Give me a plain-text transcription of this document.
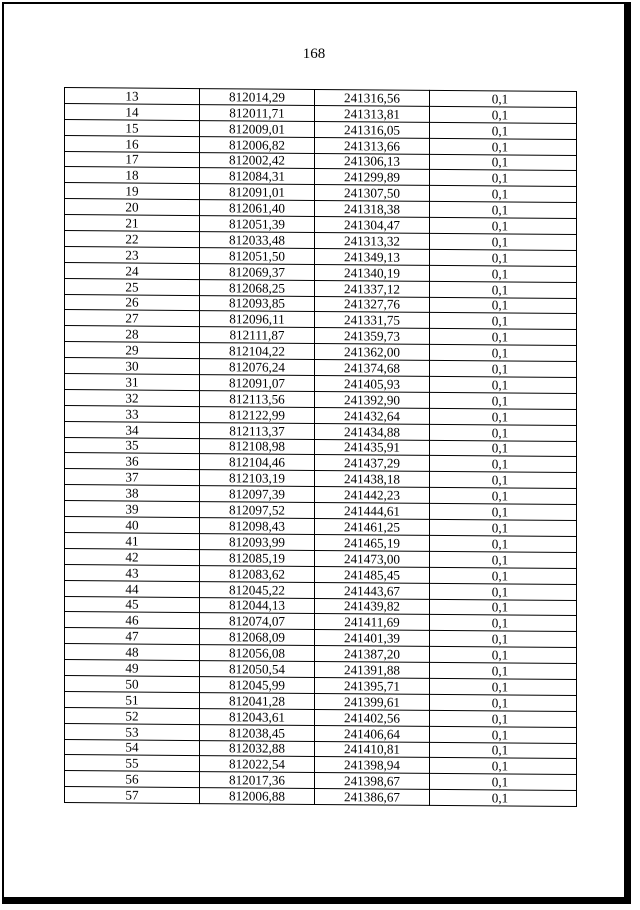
168
13	812014,29	241316,56	0,1
14	812011,71	241313,81	0,1
15	812009,01	241316,05	0,1
16	812006,82	241313,66	0,1
17	812002,42	241306,13	0,1
18	812084,31	241299,89	0,1
19	812091,01	241307,50	0,1
20	812061,40	241318,38	0,1
21	812051,39	241304,47	0,1
22	812033,48	241313,32	0,1
23	812051,50	241349,13	0,1
24	812069,37	241340,19	0,1
25	812068,25	241337,12	0,1
26	812093,85	241327,76	0,1
27	812096,11	241331,75	0,1
28	812111,87	241359,73	0,1
29	812104,22	241362,00	0,1
30	812076,24	241374,68	0,1
31	812091,07	241405,93	0,1
32	812113,56	241392,90	0,1
33	812122,99	241432,64	0,1
34	812113,37	241434,88	0,1
35	812108,98	241435,91	0,1
36	812104,46	241437,29	0,1
37	812103,19	241438,18	0,1
38	812097,39	241442,23	0,1
39	812097,52	241444,61	0,1
40	812098,43	241461,25	0,1
41	812093,99	241465,19	0,1
42	812085,19	241473,00	0,1
43	812083,62	241485,45	0,1
44	812045,22	241443,67	0,1
45	812044,13	241439,82	0,1
46	812074,07	241411,69	0,1
47	812068,09	241401,39	0,1
48	812056,08	241387,20	0,1
49	812050,54	241391,88	0,1
50	812045,99	241395,71	0,1
51	812041,28	241399,61	0,1
52	812043,61	241402,56	0,1
53	812038,45	241406,64	0,1
54	812032,88	241410,81	0,1
55	812022,54	241398,94	0,1
56	812017,36	241398,67	0,1
57	812006,88	241386,67	0,1
